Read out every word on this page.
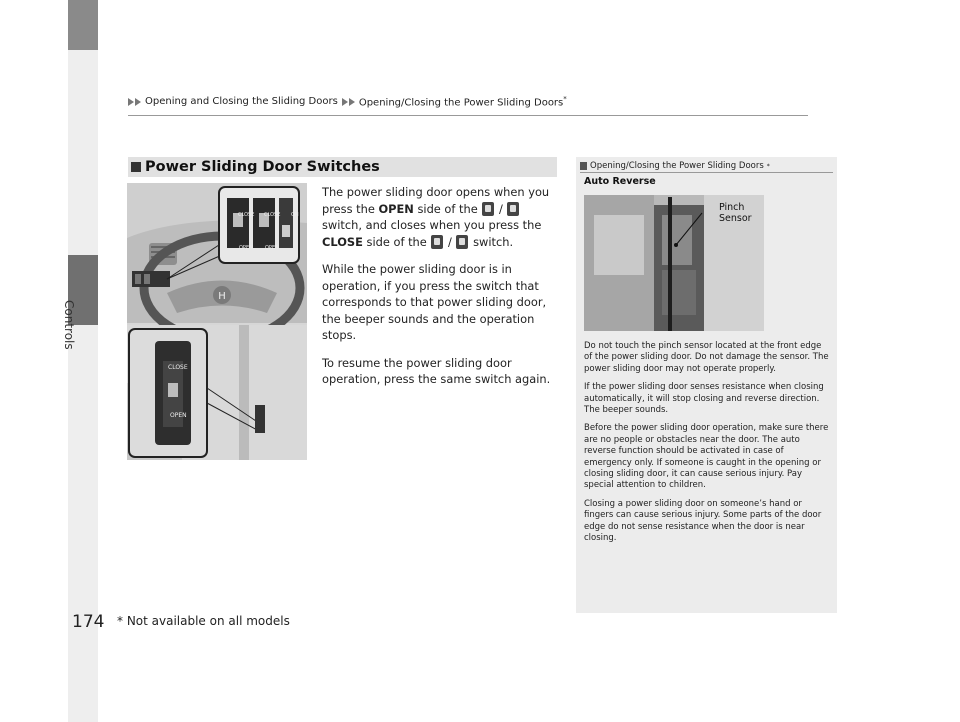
Controls
Opening and Closing the Sliding Doors Opening/Closing the Power Sliding Doors*
Power Sliding Door Switches
H
CLOSE CLOSE ON
OPEN OPEN
CLOSE
OPEN

The power sliding door opens when you press the OPEN side of the  /  switch, and closes when you press the CLOSE side of the  /  switch.

While the power sliding door is in operation, if you press the switch that corresponds to that power sliding door, the beeper sounds and the operation stops.

To resume the power sliding door operation, press the same switch again.

Opening/Closing the Power Sliding Doors *
Auto Reverse
Pinch
Sensor

Do not touch the pinch sensor located at the front edge of the power sliding door. Do not damage the sensor. The power sliding door may not operate properly.

If the power sliding door senses resistance when closing automatically, it will stop closing and reverse direction. The beeper sounds.

Before the power sliding door operation, make sure there are no people or obstacles near the door. The auto reverse function should be activated in case of emergency only. If someone is caught in the opening or closing sliding door, it can cause serious injury. Pay special attention to children.

Closing a power sliding door on someone’s hand or fingers can cause serious injury. Some parts of the door edge do not sense resistance when the door is near closing.

174 * Not available on all models
